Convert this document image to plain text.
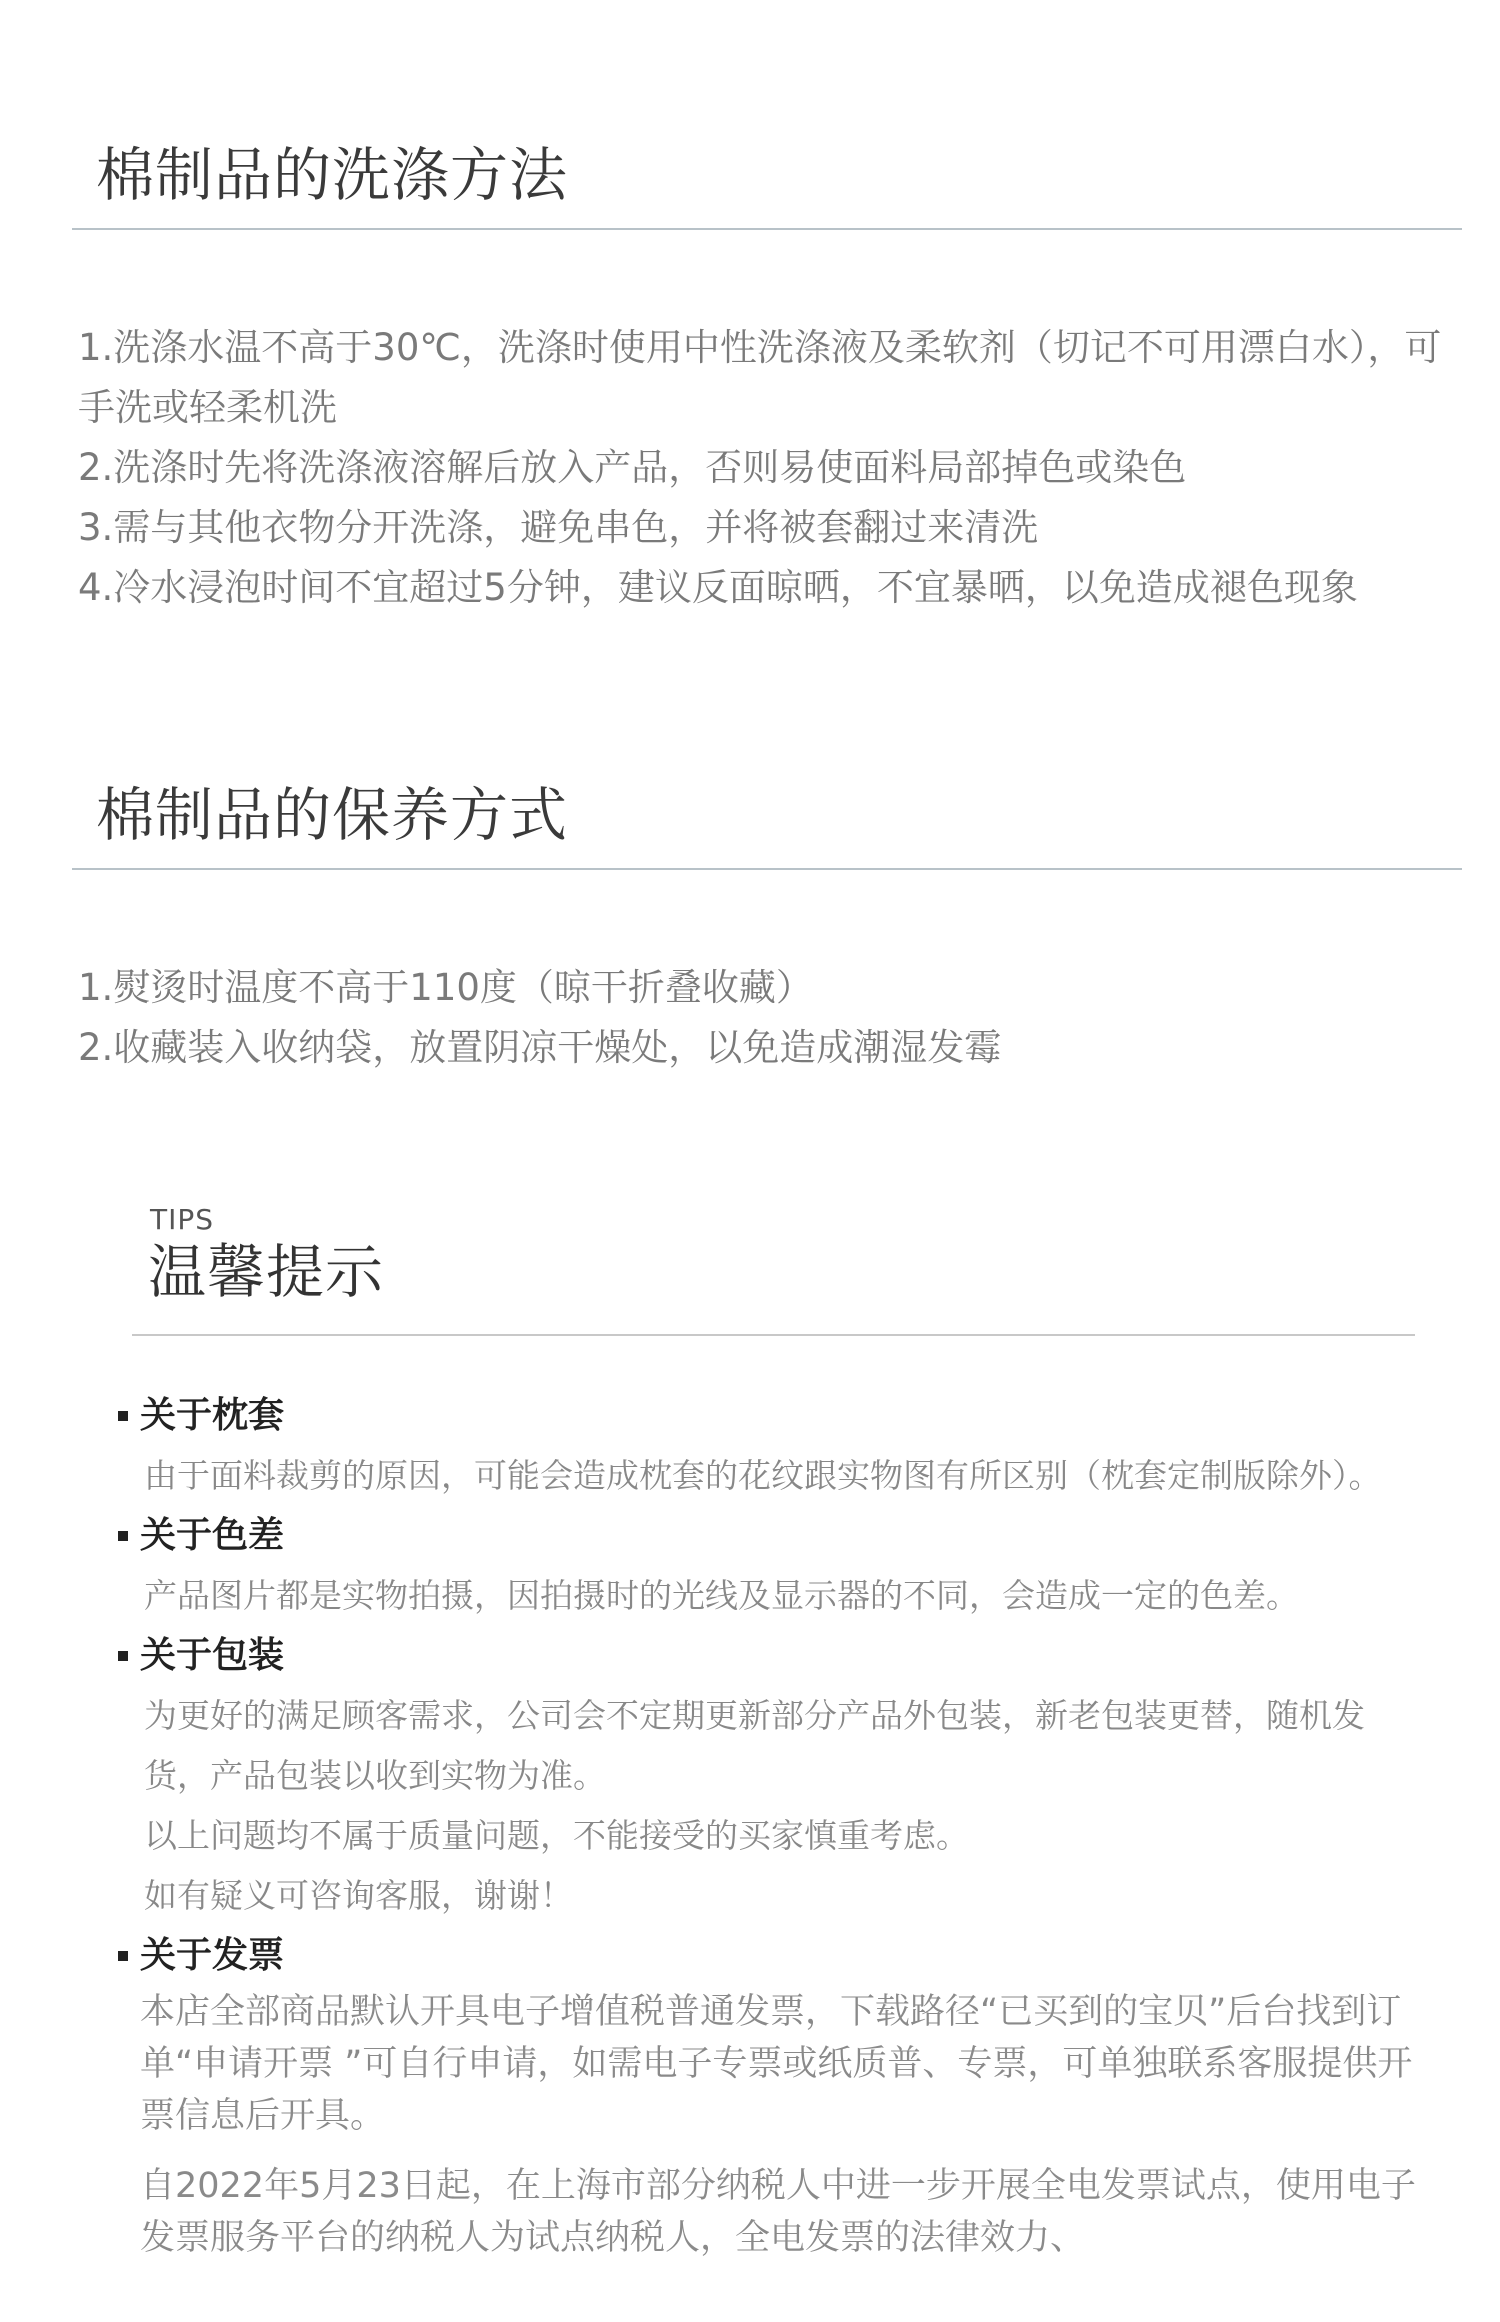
棉制品的洗涤方法

1.洗涤水温不高于30℃，洗涤时使用中性洗涤液及柔软剂（切记不可用漂白水），可手洗或轻柔机洗

2.洗涤时先将洗涤液溶解后放入产品，否则易使面料局部掉色或染色

3.需与其他衣物分开洗涤，避免串色，并将被套翻过来清洗

4.冷水浸泡时间不宜超过5分钟，建议反面晾晒，不宜暴晒，以免造成褪色现象

棉制品的保养方式

1.熨烫时温度不高于110度（晾干折叠收藏）

2.收藏装入收纳袋，放置阴凉干燥处，以免造成潮湿发霉

TIPS
温馨提示
关于枕套

由于面料裁剪的原因，可能会造成枕套的花纹跟实物图有所区别（枕套定制版除外）。

关于色差

产品图片都是实物拍摄，因拍摄时的光线及显示器的不同，会造成一定的色差。

关于包装

为更好的满足顾客需求，公司会不定期更新部分产品外包装，新老包装更替，随机发货，产品包装以收到实物为准。

以上问题均不属于质量问题，不能接受的买家慎重考虑。

如有疑义可咨询客服，谢谢！

关于发票

本店全部商品默认开具电子增值税普通发票，下载路径“已买到的宝贝”后台找到订单“申请开票 ”可自行申请，如需电子专票或纸质普、专票，可单独联系客服提供开票信息后开具。

自2022年5月23日起，在上海市部分纳税人中进一步开展全电发票试点，使用电子发票服务平台的纳税人为试点纳税人，全电发票的法律效力、
